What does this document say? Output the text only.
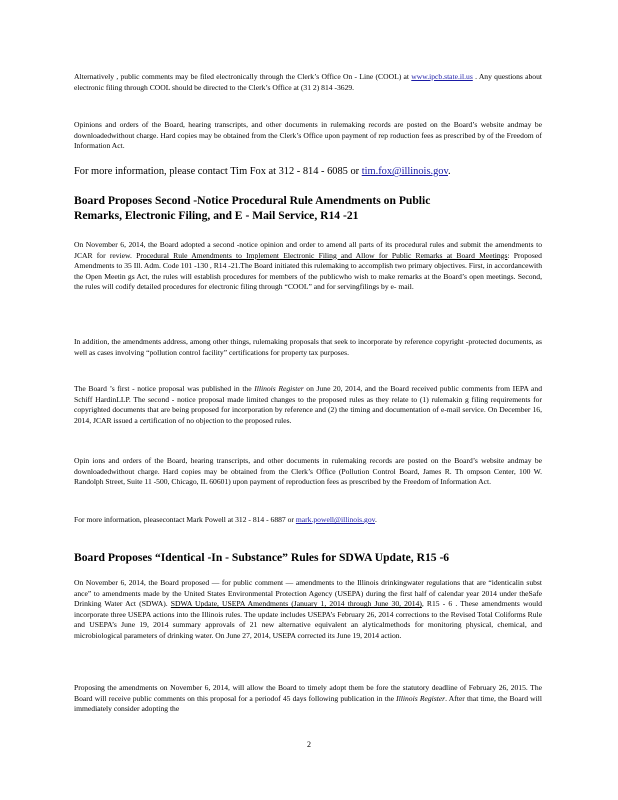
Alternatively , public comments may be filed electronically through the Clerk’s Office On - Line (COOL) at www.ipcb.state.il.us . Any questions about electronic filing through COOL should be directed to the Clerk’s Office at (31 2) 814 -3629.

Opinions and orders of the Board, hearing transcripts, and other documents in rulemaking records are posted on the Board’s website andmay be downloadedwithout charge. Hard copies may be obtained from the Clerk’s Office upon payment of rep roduction fees as prescribed by of the Freedom of Information Act.

For more information, please contact Tim Fox at 312 - 814 - 6085 or tim.fox@illinois.gov.

Board Proposes Second -Notice Procedural Rule Amendments on Public

Remarks, Electronic Filing, and E - Mail Service, R14 -21

On November 6, 2014, the Board adopted a second -notice opinion and order to amend all parts of its procedural rules and submit the amendments to JCAR for review. Procedural Rule Amendments to Implement Electronic Filing and Allow for Public Remarks at Board Meetings: Proposed Amendments to 35 Ill. Adm. Code 101 -130 , R14 -21.The Board initiated this rulemaking to accomplish two primary objectives. First, in accordancewith the Open Meetin gs Act, the rules will establish procedures for members of the publicwho wish to make remarks at the Board’s open meetings. Second, the rules will codify detailed procedures for electronic filing through “COOL” and for servingfilings by e- mail.

In addition, the amendments address, among other things, rulemaking proposals that seek to incorporate by reference copyright -protected documents, as well as cases involving “pollution control facility” certifications for property tax purposes.

The Board ’s first - notice proposal was published in the Illinois Register on June 20, 2014, and the Board received public comments from IEPA and Schiff HardinLLP. The second - notice proposal made limited changes to the proposed rules as they relate to (1) rulemakin g filing requirements for copyrighted documents that are being proposed for incorporation by reference and (2) the timing and documentation of e-mail service. On December 16, 2014, JCAR issued a certification of no objection to the proposed rules.

Opin ions and orders of the Board, hearing transcripts, and other documents in rulemaking records are posted on the Board’s website andmay be downloadedwithout charge. Hard copies may be obtained from the Clerk’s Office (Pollution Control Board, James R. Th ompson Center, 100 W. Randolph Street, Suite 11 -500, Chicago, IL 60601) upon payment of reproduction fees as prescribed by the Freedom of Information Act.

For more information, pleasecontact Mark Powell at 312 - 814 - 6887 or mark.powell@illinois.gov.

Board Proposes “Identical -In - Substance” Rules for SDWA Update, R15 -6

On November 6, 2014, the Board proposed — for public comment — amendments to the Illinois drinkingwater regulations that are “identicalin subst ance” to amendments made by the United States Environmental Protection Agency (USEPA) during the first half of calendar year 2014 under theSafe Drinking Water Act (SDWA). SDWA Update, USEPA Amendments (January 1, 2014 through June 30, 2014), R15 - 6 . These amendments would incorporate three USEPA actions into the Illinois rules. The update includes USEPA’s February 26, 2014 corrections to the Revised Total Coliforms Rule and USEPA’s June 19, 2014 summary approvals of 21 new alternative equivalent an alyticalmethods for monitoring physical, chemical, and microbiological parameters of drinking water. On June 27, 2014, USEPA corrected its June 19, 2014 action.

Proposing the amendments on November 6, 2014, will allow the Board to timely adopt them be fore the statutory deadline of February 26, 2015. The Board will receive public comments on this proposal for a periodof 45 days following publication in the Illinois Register. After that time, the Board will immediately consider adopting the

2
